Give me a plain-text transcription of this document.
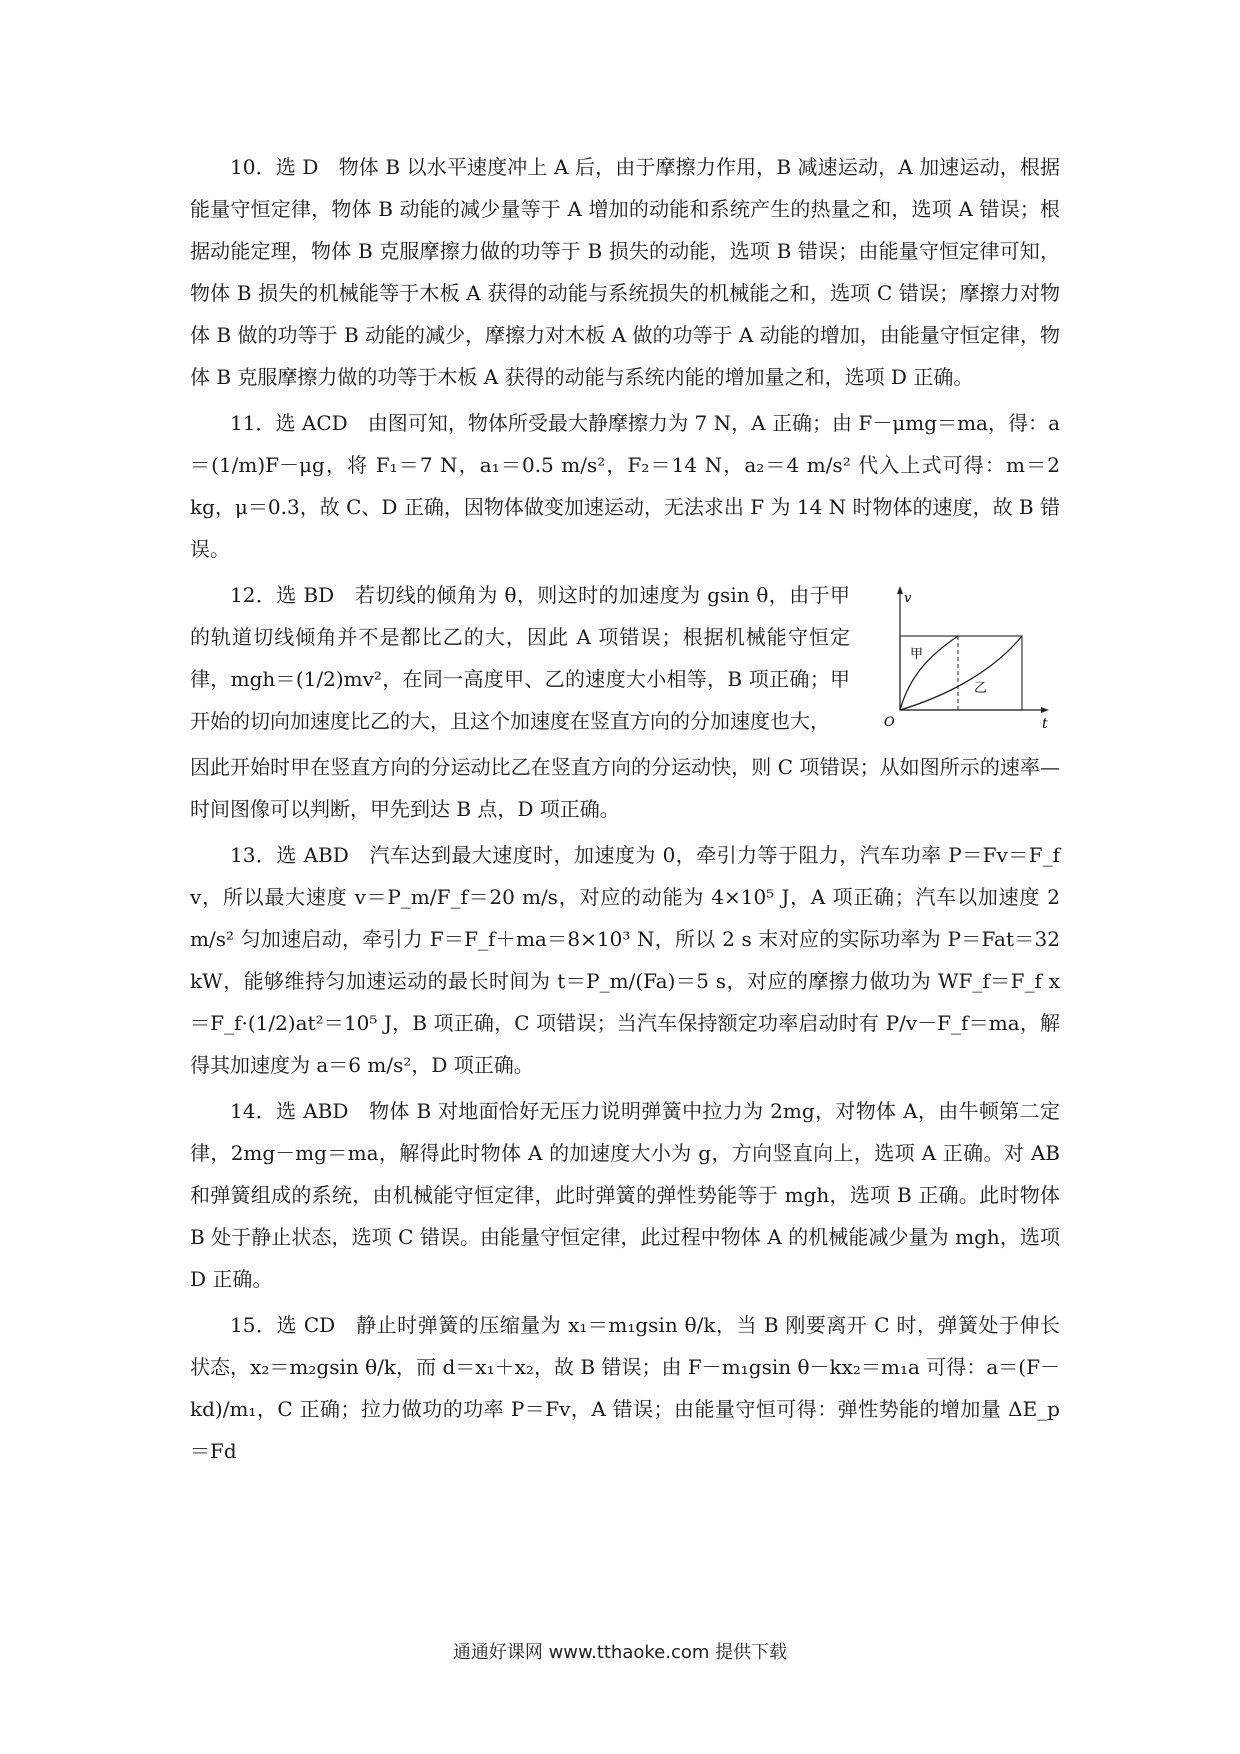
10．选 D　物体 B 以水平速度冲上 A 后，由于摩擦力作用，B 减速运动，A 加速运动，根据能量守恒定律，物体 B 动能的减少量等于 A 增加的动能和系统产生的热量之和，选项 A 错误；根据动能定理，物体 B 克服摩擦力做的功等于 B 损失的动能，选项 B 错误；由能量守恒定律可知，物体 B 损失的机械能等于木板 A 获得的动能与系统损失的机械能之和，选项 C 错误；摩擦力对物体 B 做的功等于 B 动能的减少，摩擦力对木板 A 做的功等于 A 动能的增加，由能量守恒定律，物体 B 克服摩擦力做的功等于木板 A 获得的动能与系统内能的增加量之和，选项 D 正确。

11．选 ACD　由图可知，物体所受最大静摩擦力为 7 N，A 正确；由 F－μmg＝ma，得：a＝(1/m)F－μg，将 F₁＝7 N，a₁＝0.5 m/s²，F₂＝14 N，a₂＝4 m/s² 代入上式可得：m＝2 kg，μ＝0.3，故 C、D 正确，因物体做变加速运动，无法求出 F 为 14 N 时物体的速度，故 B 错误。

12．选 BD　若切线的倾角为 θ，则这时的加速度为 gsin θ，由于甲的轨道切线倾角并不是都比乙的大，因此 A 项错误；根据机械能守恒定律，mgh＝(1/2)mv²，在同一高度甲、乙的速度大小相等，B 项正确；甲开始的切向加速度比乙的大，且这个加速度在竖直方向的分加速度也大，

v
t
O
甲
乙

因此开始时甲在竖直方向的分运动比乙在竖直方向的分运动快，则 C 项错误；从如图所示的速率—时间图像可以判断，甲先到达 B 点，D 项正确。

13．选 ABD　汽车达到最大速度时，加速度为 0，牵引力等于阻力，汽车功率 P＝Fv＝F_f v，所以最大速度 v＝P_m/F_f＝20 m/s，对应的动能为 4×10⁵ J，A 项正确；汽车以加速度 2 m/s² 匀加速启动，牵引力 F＝F_f＋ma＝8×10³ N，所以 2 s 末对应的实际功率为 P＝Fat＝32 kW，能够维持匀加速运动的最长时间为 t＝P_m/(Fa)＝5 s，对应的摩擦力做功为 WF_f＝F_f x＝F_f·(1/2)at²＝10⁵ J，B 项正确，C 项错误；当汽车保持额定功率启动时有 P/v－F_f＝ma，解得其加速度为 a＝6 m/s²，D 项正确。

14．选 ABD　物体 B 对地面恰好无压力说明弹簧中拉力为 2mg，对物体 A，由牛顿第二定律，2mg－mg＝ma，解得此时物体 A 的加速度大小为 g，方向竖直向上，选项 A 正确。对 AB 和弹簧组成的系统，由机械能守恒定律，此时弹簧的弹性势能等于 mgh，选项 B 正确。此时物体 B 处于静止状态，选项 C 错误。由能量守恒定律，此过程中物体 A 的机械能减少量为 mgh，选项 D 正确。

15．选 CD　静止时弹簧的压缩量为 x₁＝m₁gsin θ/k，当 B 刚要离开 C 时，弹簧处于伸长状态，x₂＝m₂gsin θ/k，而 d＝x₁＋x₂，故 B 错误；由 F－m₁gsin θ－kx₂＝m₁a 可得：a＝(F－kd)/m₁，C 正确；拉力做功的功率 P＝Fv，A 错误；由能量守恒可得：弹性势能的增加量 ΔE_p＝Fd

通通好课网 www.tthaoke.com 提供下载
